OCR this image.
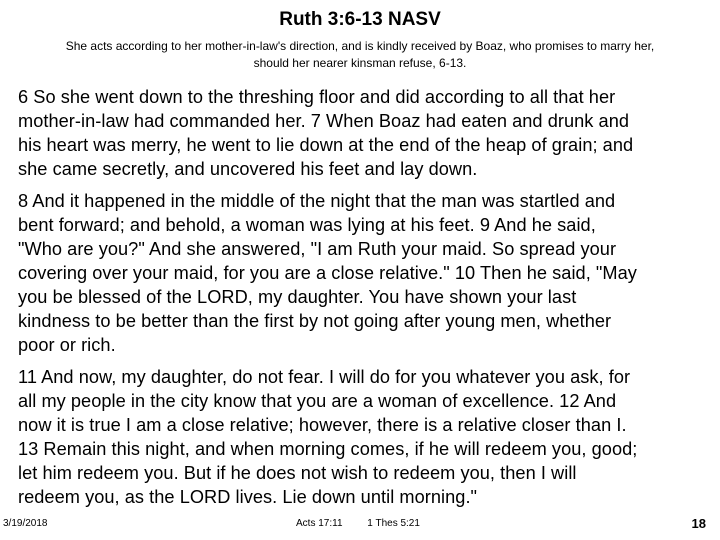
Ruth 3:6-13 NASV
She acts according to her mother‑in‑law's direction, and is kindly received by Boaz, who promises to marry her,
should her nearer kinsman refuse, 6‑13.

6 So she went down to the threshing floor and did according to all that her
mother-in-law had commanded her. 7 When Boaz had eaten and drunk and
his heart was merry, he went to lie down at the end of the heap of grain; and
she came secretly, and uncovered his feet and lay down.

8 And it happened in the middle of the night that the man was startled and
bent forward; and behold, a woman was lying at his feet. 9 And he said,
"Who are you?" And she answered, "I am Ruth your maid. So spread your
covering over your maid, for you are a close relative." 10 Then he said, "May
you be blessed of the LORD, my daughter. You have shown your last
kindness to be better than the first by not going after young men, whether
poor or rich.

11 And now, my daughter, do not fear. I will do for you whatever you ask, for
all my people in the city know that you are a woman of excellence. 12 And
now it is true I am a close relative; however, there is a relative closer than I.
13 Remain this night, and when morning comes, if he will redeem you, good;
let him redeem you. But if he does not wish to redeem you, then I will
redeem you, as the LORD lives. Lie down until morning."

3/19/2018	Acts 17:11 1 Thes 5:21	18
